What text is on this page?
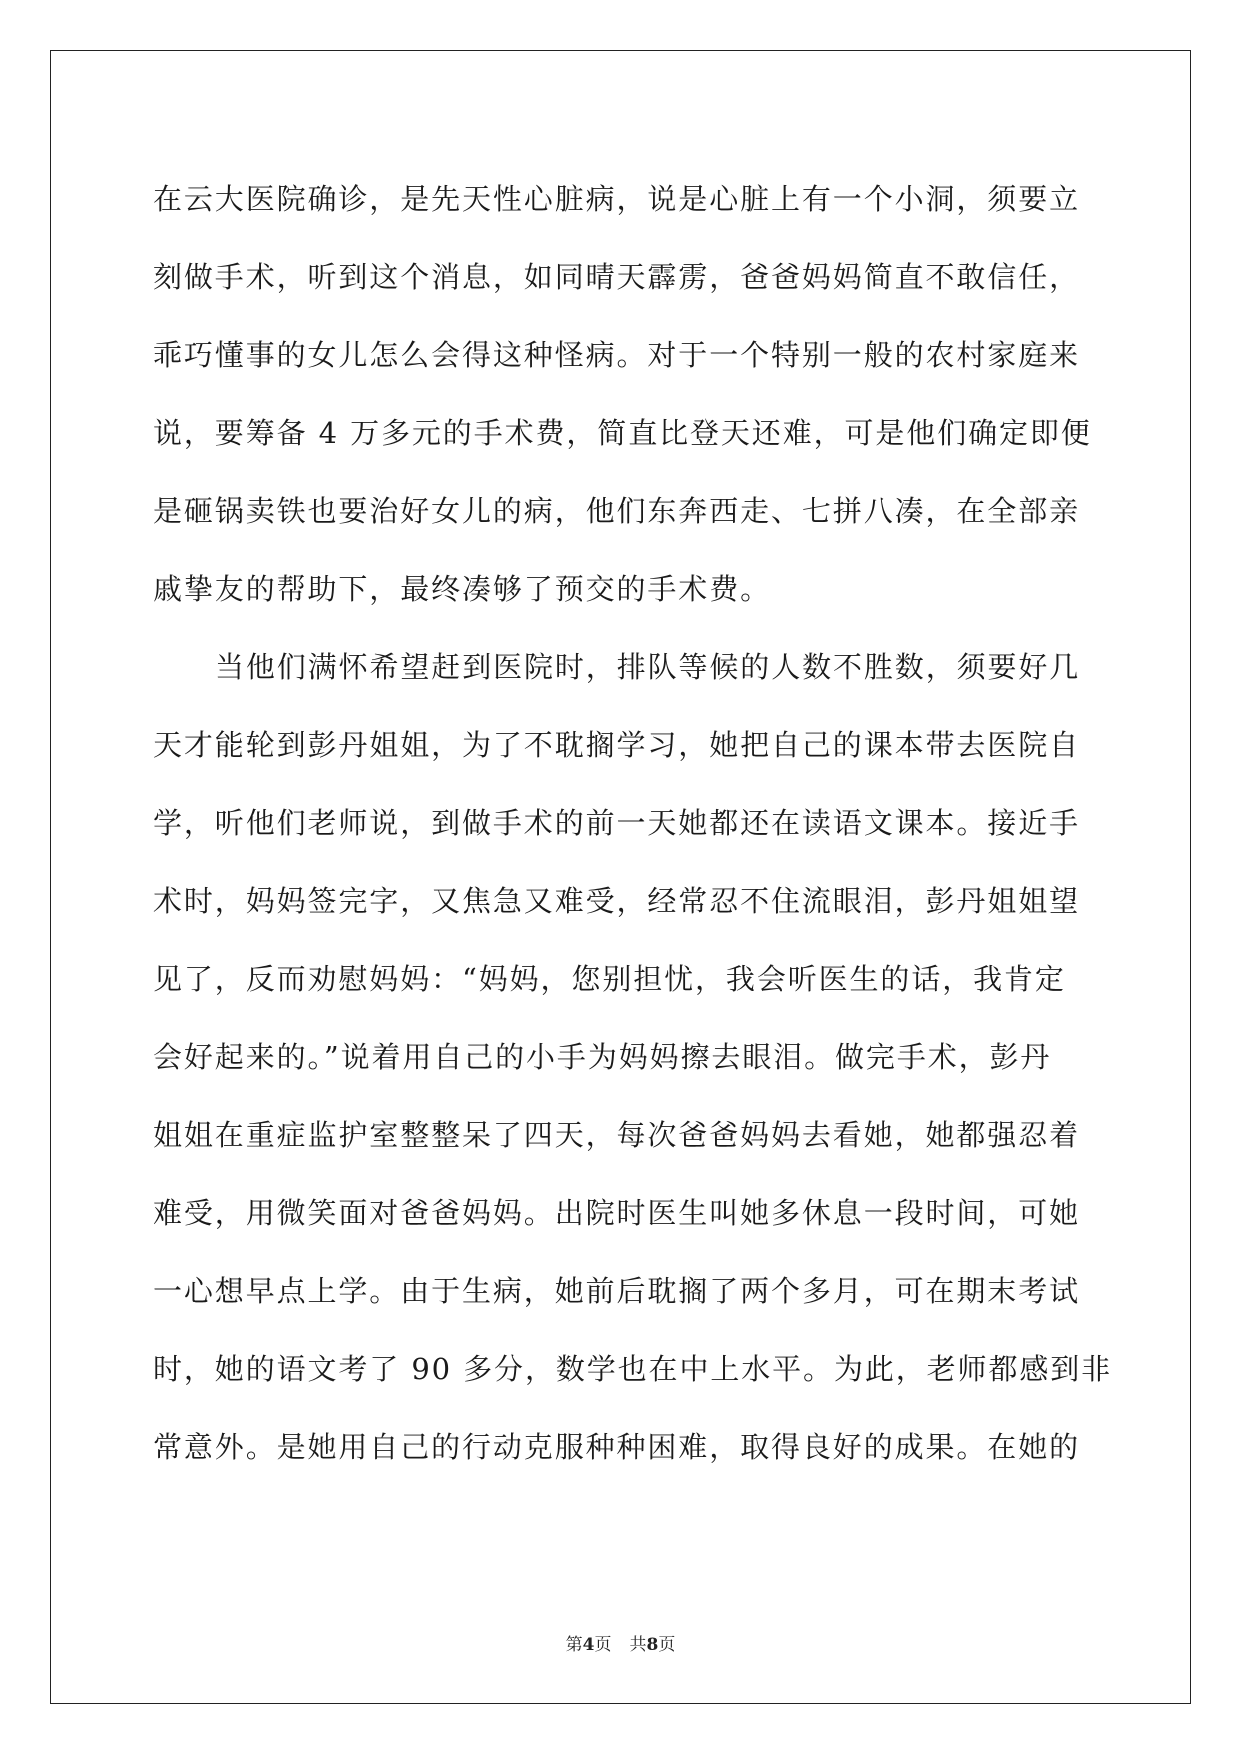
在云大医院确诊，是先天性心脏病，说是心脏上有一个小洞，须要立
刻做手术，听到这个消息，如同晴天霹雳，爸爸妈妈简直不敢信任，
乖巧懂事的女儿怎么会得这种怪病。对于一个特别一般的农村家庭来
说，要筹备 4 万多元的手术费，简直比登天还难，可是他们确定即便
是砸锅卖铁也要治好女儿的病，他们东奔西走、七拼八凑，在全部亲
戚挚友的帮助下，最终凑够了预交的手术费。
当他们满怀希望赶到医院时，排队等候的人数不胜数，须要好几
天才能轮到彭丹姐姐，为了不耽搁学习，她把自己的课本带去医院自
学，听他们老师说，到做手术的前一天她都还在读语文课本。接近手
术时，妈妈签完字，又焦急又难受，经常忍不住流眼泪，彭丹姐姐望
见了，反而劝慰妈妈：“妈妈，您别担忧，我会听医生的话，我肯定
会好起来的。”说着用自己的小手为妈妈擦去眼泪。做完手术，彭丹
姐姐在重症监护室整整呆了四天，每次爸爸妈妈去看她，她都强忍着
难受，用微笑面对爸爸妈妈。出院时医生叫她多休息一段时间，可她
一心想早点上学。由于生病，她前后耽搁了两个多月，可在期末考试
时，她的语文考了 90 多分，数学也在中上水平。为此，老师都感到非
常意外。是她用自己的行动克服种种困难，取得良好的成果。在她的
第4页 共8页
